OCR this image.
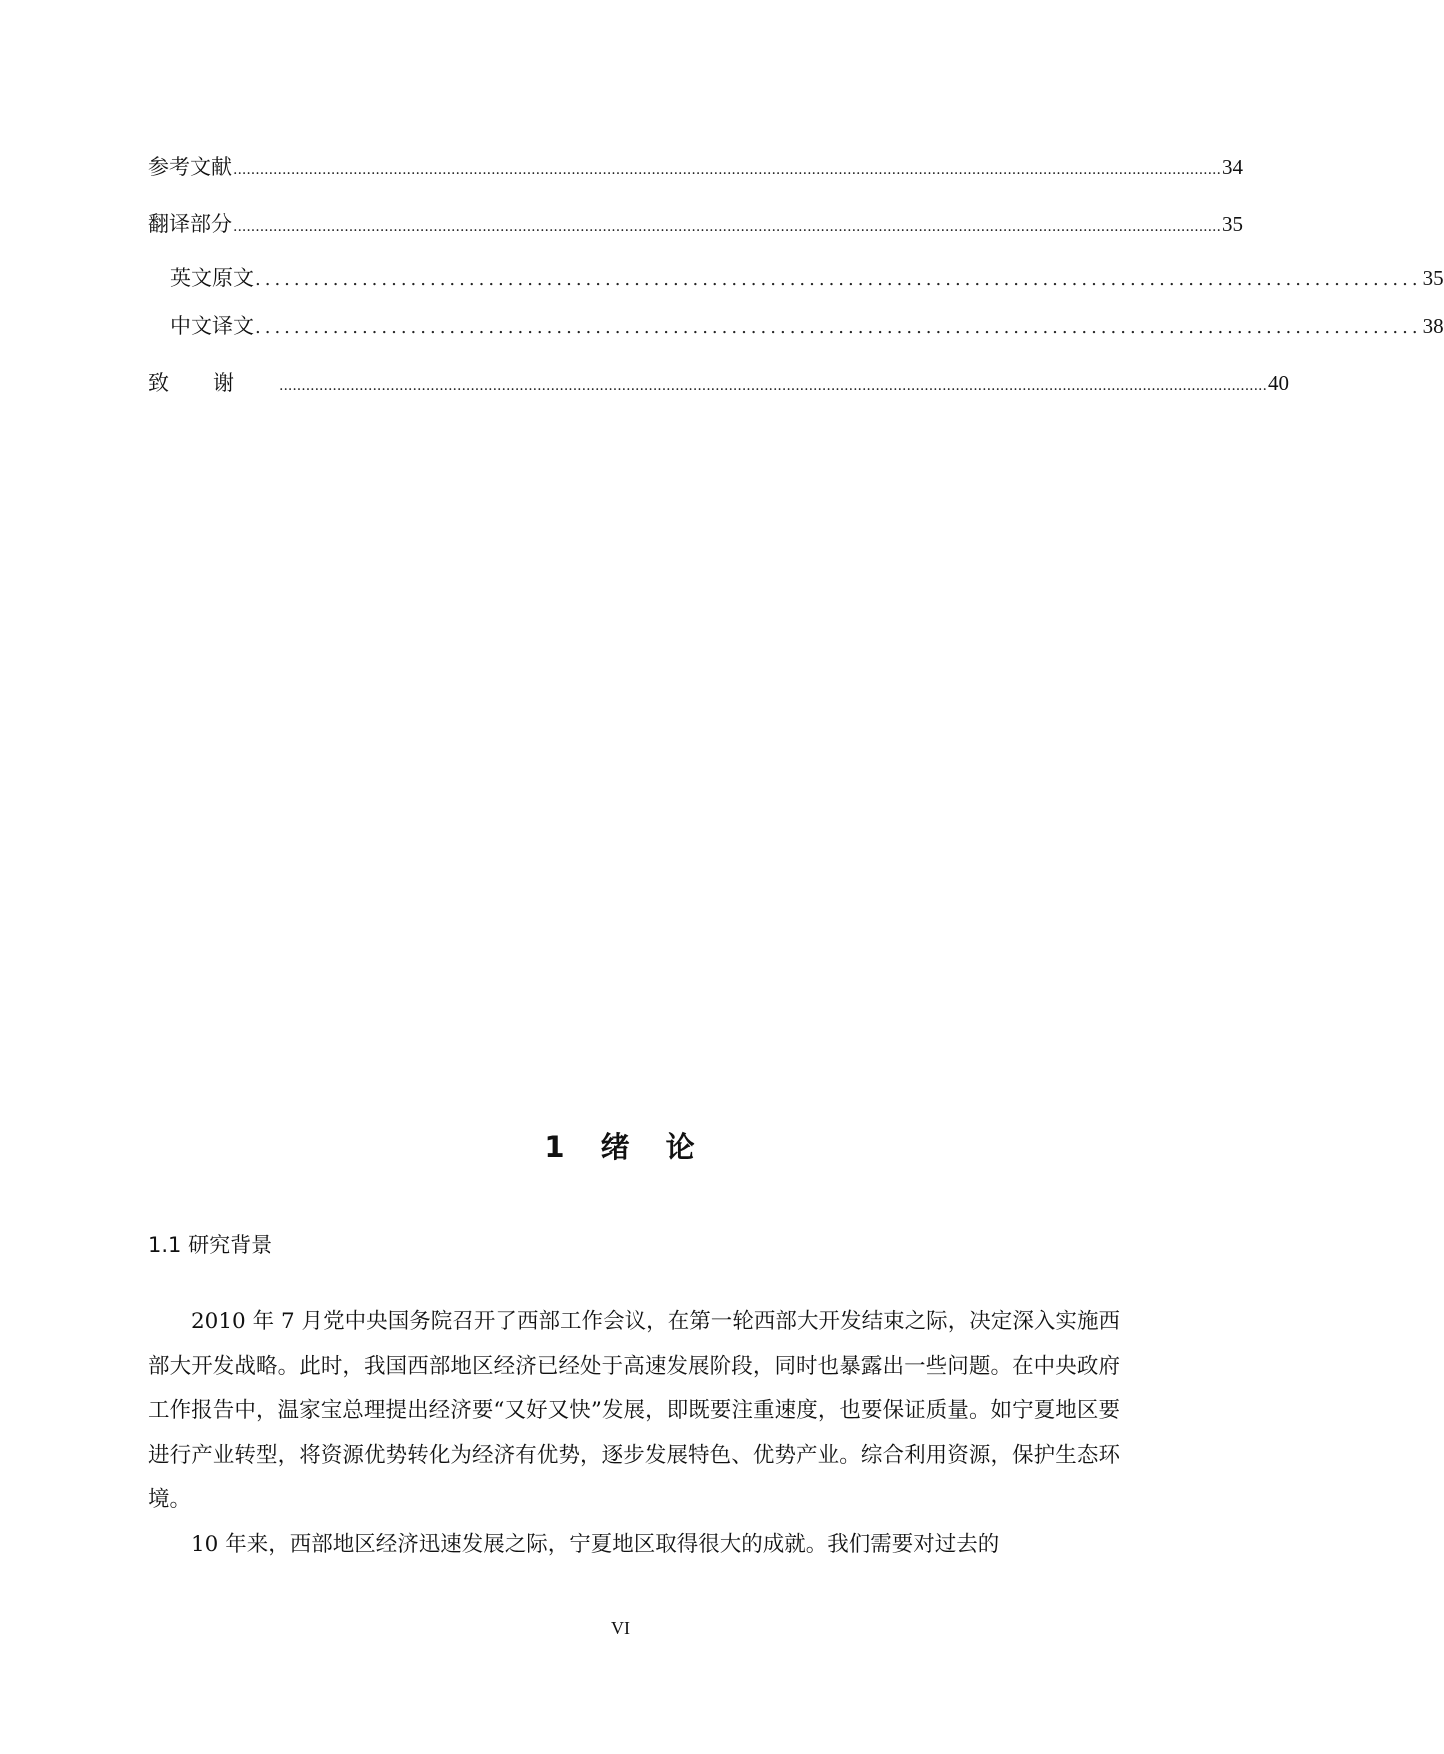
参考文献 .............................................................................................................................................................................................................................. 34
翻译部分 .............................................................................................................................................................................................................................. 35
英文原文 ........................................................................................................................ 35
中文译文 ........................................................................................................................ 38
致谢 .............................................................................................................................................................................................................................. 40
1 绪 论
1.1 研究背景

2010 年 7 月党中央国务院召开了西部工作会议，在第一轮西部大开发结束之际，决定深入实施西部大开发战略。此时，我国西部地区经济已经处于高速发展阶段，同时也暴露出一些问题。在中央政府工作报告中，温家宝总理提出经济要“又好又快”发展，即既要注重速度，也要保证质量。如宁夏地区要进行产业转型，将资源优势转化为经济有优势，逐步发展特色、优势产业。综合利用资源，保护生态环境。

10 年来，西部地区经济迅速发展之际，宁夏地区取得很大的成就。我们需要对过去的

VI
